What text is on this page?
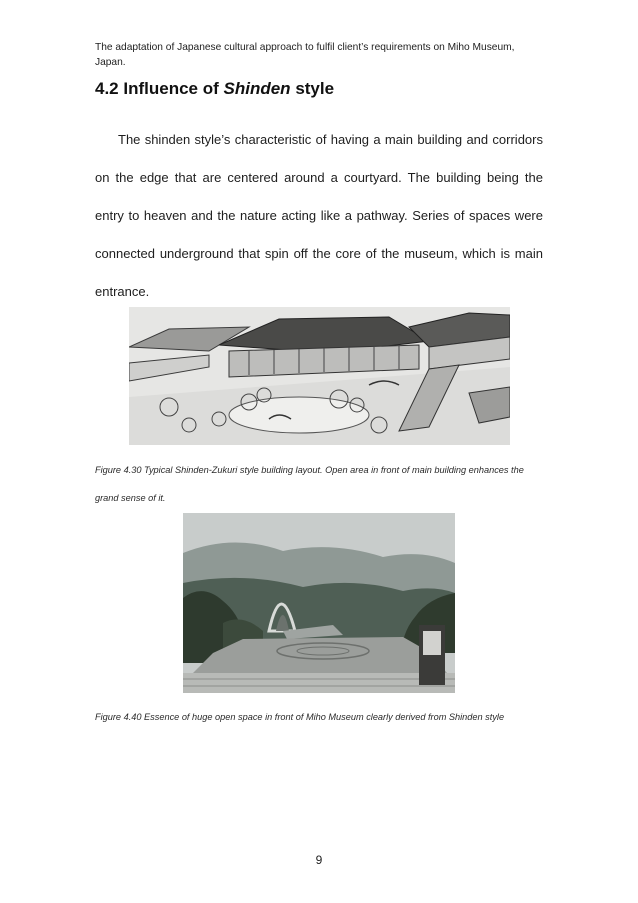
The adaptation of Japanese cultural approach to fulfil client’s requirements on Miho Museum, Japan.
4.2 Influence of Shinden style

The shinden style’s characteristic of having a main building and corridors on the edge that are centered around a courtyard. The building being the entry to heaven and the nature acting like a pathway. Series of spaces were connected underground that spin off the core of the museum, which is main entrance.

Figure 4.30 Typical Shinden-Zukuri style building layout. Open area in front of main building enhances the grand sense of it.
Figure 4.40 Essence of huge open space in front of Miho Museum clearly derived from Shinden style
9
